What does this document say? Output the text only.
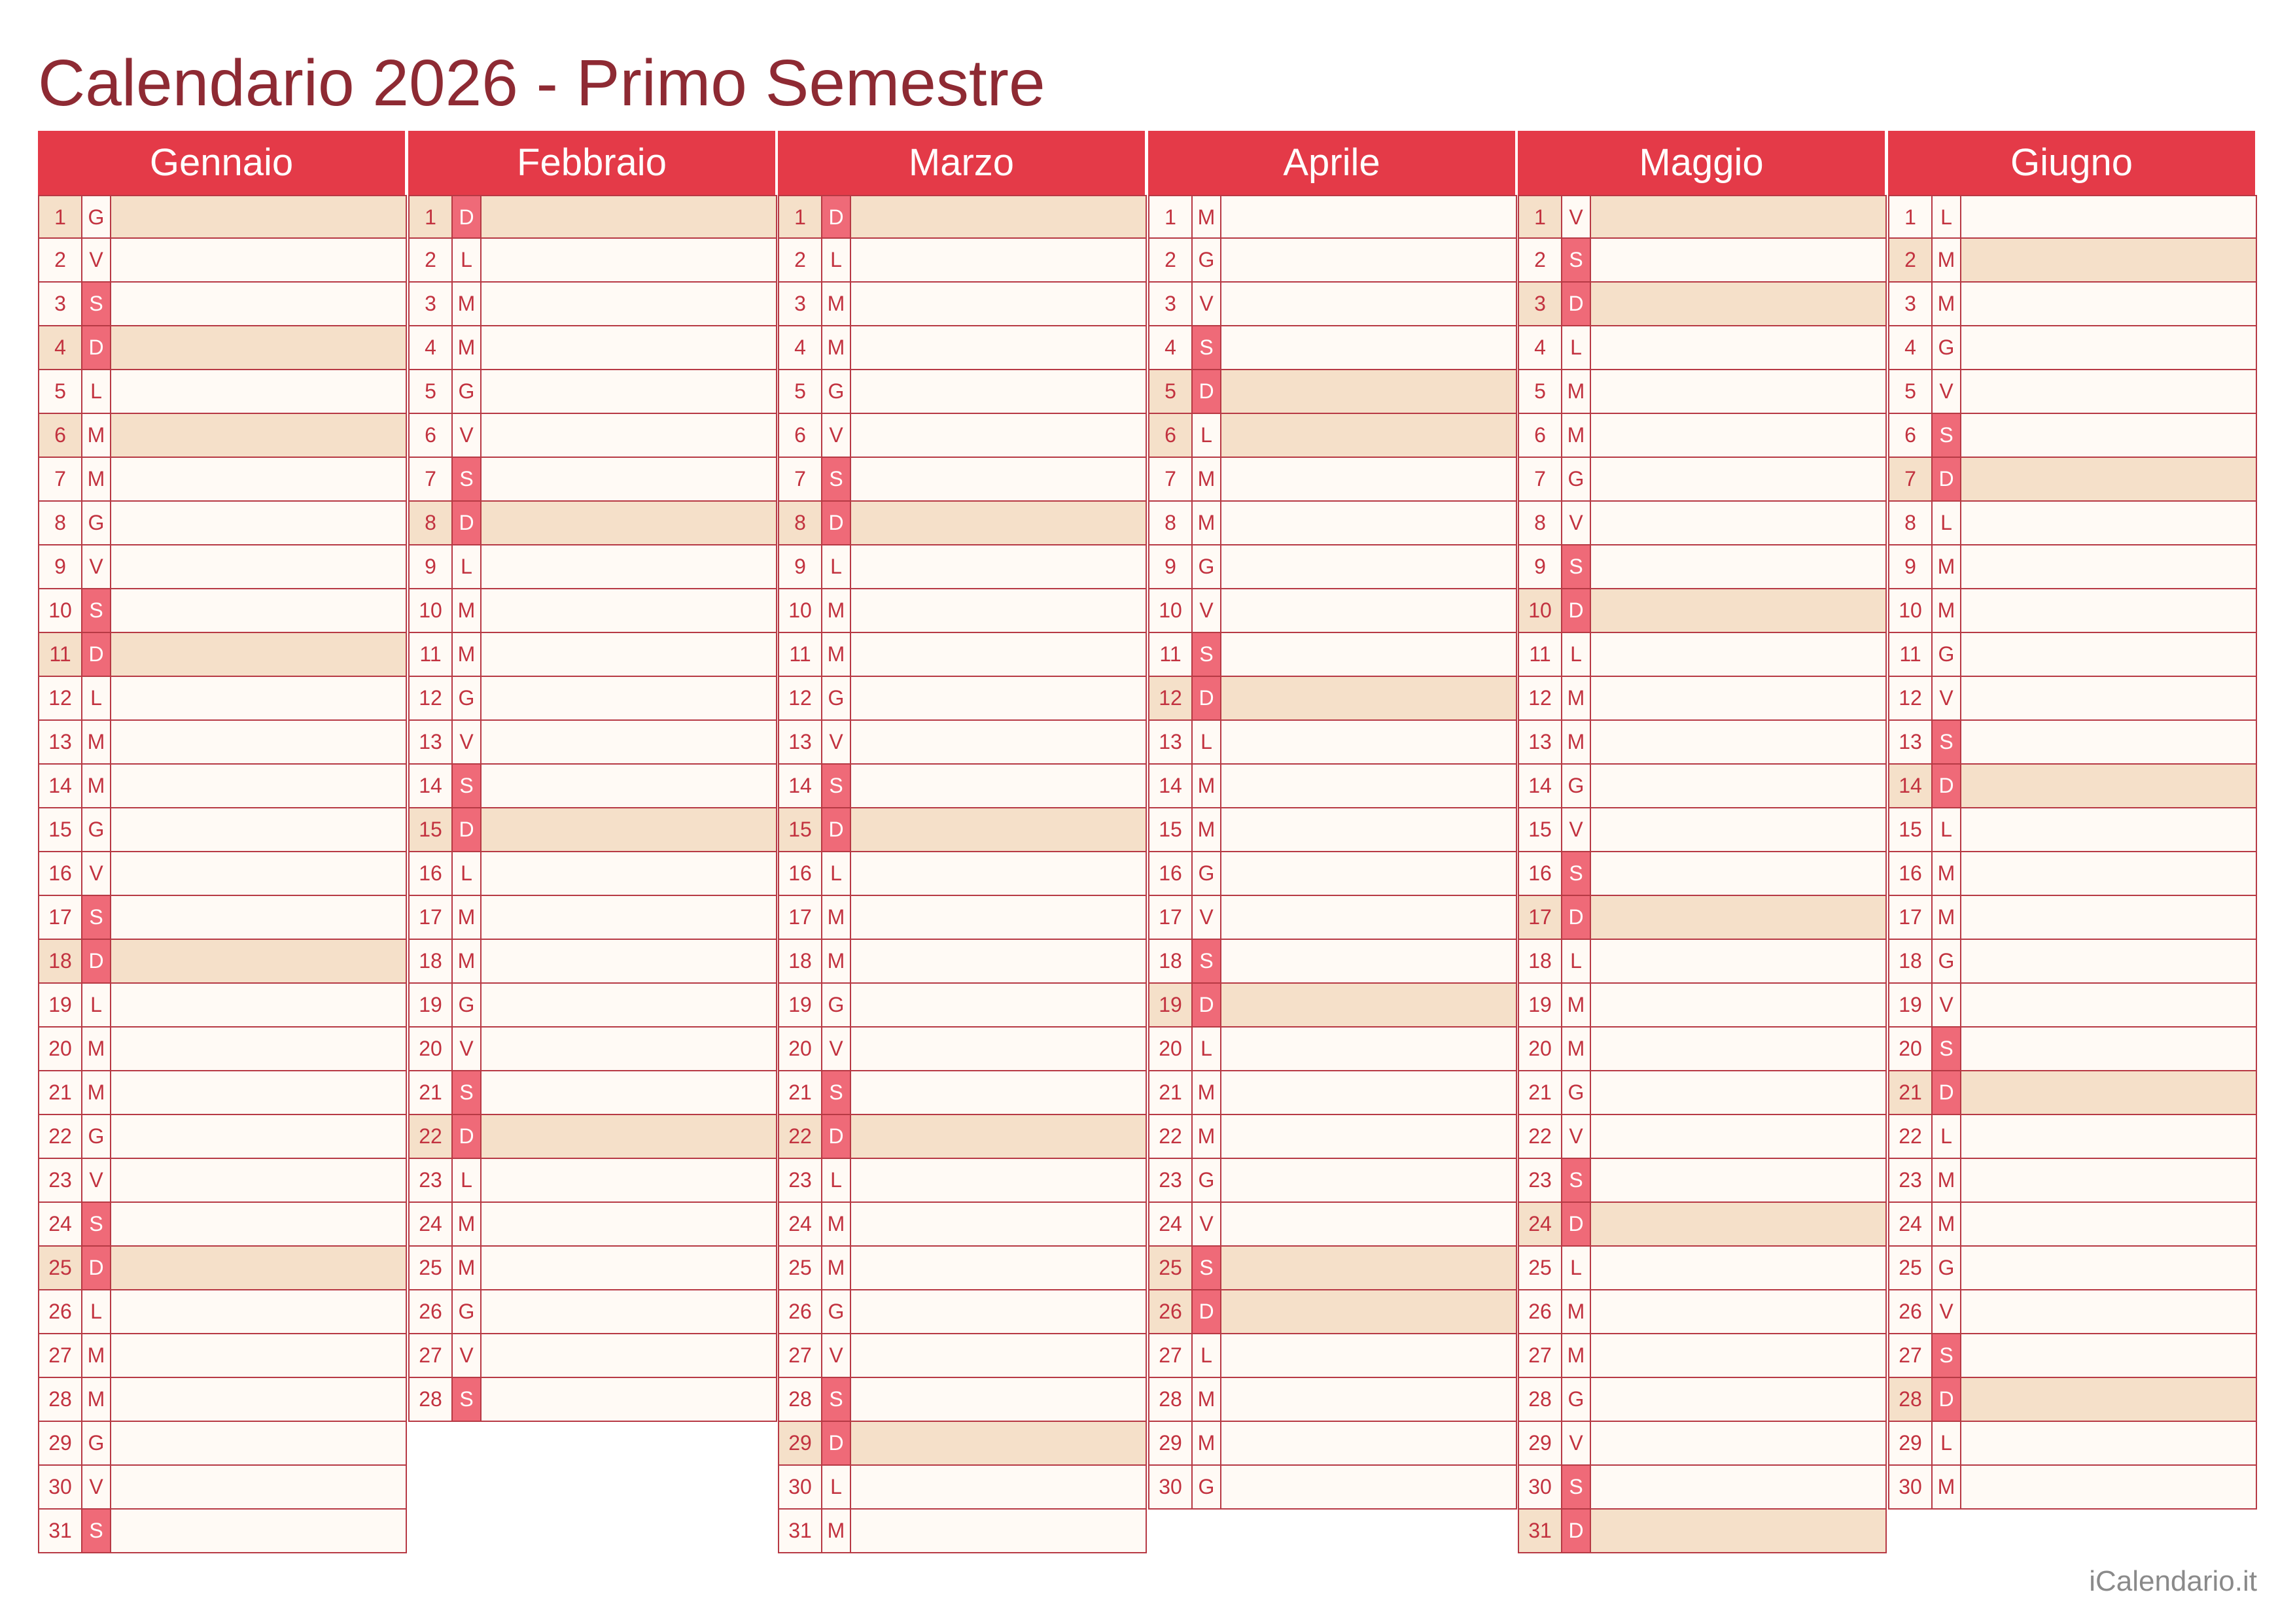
Calendario 2026 - Primo Semestre
Gennaio
1	G
2	V
3	S
4	D
5	L
6	M
7	M
8	G
9	V
10 S
11 D
12 L
13 M
14 M
15 G
16 V
17 S
18 D
19 L
20 M
21 M
22 G
23 V
24 S
25 D
26 L
27 M
28 M
29 G
30 V
31 S
Febbraio
1	D
2	L
3	M
4	M
5	G
6	V
7	S
8	D
9	L
10 M
11 M
12 G
13 V
14 S
15 D
16 L
17 M
18 M
19 G
20 V
21 S
22 D
23 L
24 M
25 M
26 G
27 V
28 S
Marzo
1	D
2	L
3	M
4	M
5	G
6	V
7	S
8	D
9	L
10 M
11 M
12 G
13 V
14 S
15 D
16 L
17 M
18 M
19 G
20 V
21 S
22 D
23 L
24 M
25 M
26 G
27 V
28 S
29 D
30 L
31 M
Aprile
1	M
2	G
3	V
4	S
5	D
6	L
7	M
8	M
9	G
10 V
11 S
12 D
13 L
14 M
15 M
16 G
17 V
18 S
19 D
20 L
21 M
22 M
23 G
24 V
25 S
26 D
27 L
28 M
29 M
30 G
Maggio
1	V
2	S
3	D
4	L
5	M
6	M
7	G
8	V
9	S
10 D
11 L
12 M
13 M
14 G
15 V
16 S
17 D
18 L
19 M
20 M
21 G
22 V
23 S
24 D
25 L
26 M
27 M
28 G
29 V
30 S
31 D
Giugno
1	L
2	M
3	M
4	G
5	V
6	S
7	D
8	L
9	M
10 M
11 G
12 V
13 S
14 D
15 L
16 M
17 M
18 G
19 V
20 S
21 D
22 L
23 M
24 M
25 G
26 V
27 S
28 D
29 L
30 M
iCalendario.it
